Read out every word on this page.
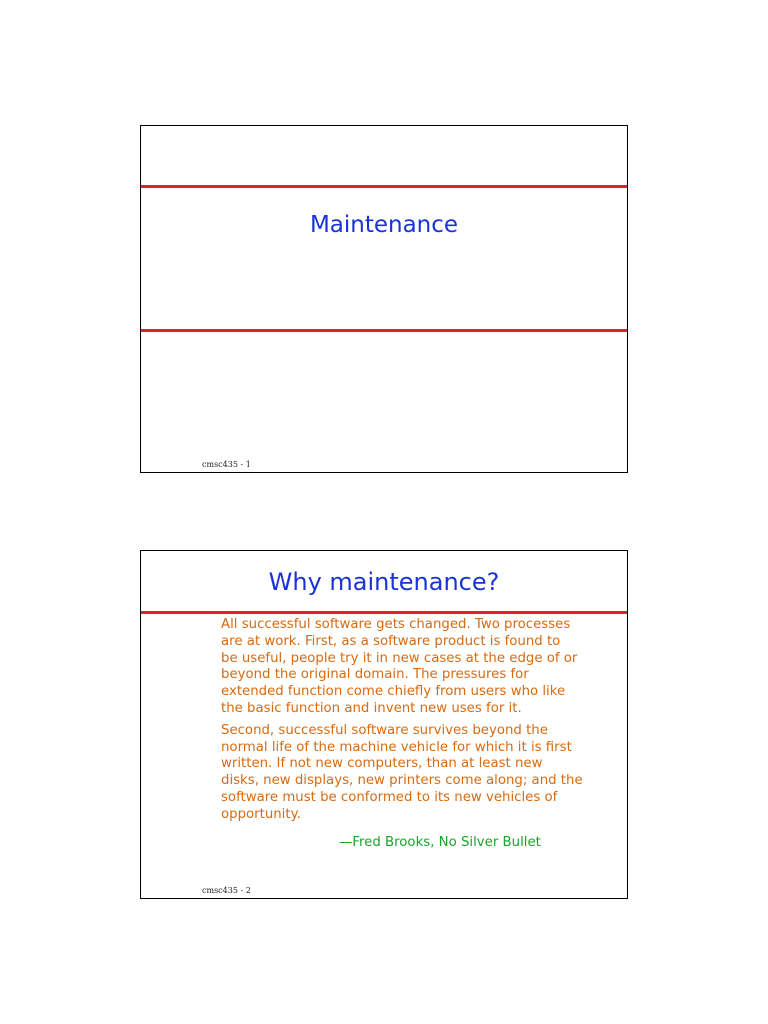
Maintenance
cmsc435 - 1
Why maintenance?

All successful software gets changed. Two processes
are at work. First, as a software product is found to
be useful, people try it in new cases at the edge of or
beyond the original domain. The pressures for
extended function come chiefly from users who like
the basic function and invent new uses for it.

Second, successful software survives beyond the
normal life of the machine vehicle for which it is first
written. If not new computers, than at least new
disks, new displays, new printers come along; and the
software must be conformed to its new vehicles of
opportunity.

—Fred Brooks, No Silver Bullet
cmsc435 - 2
